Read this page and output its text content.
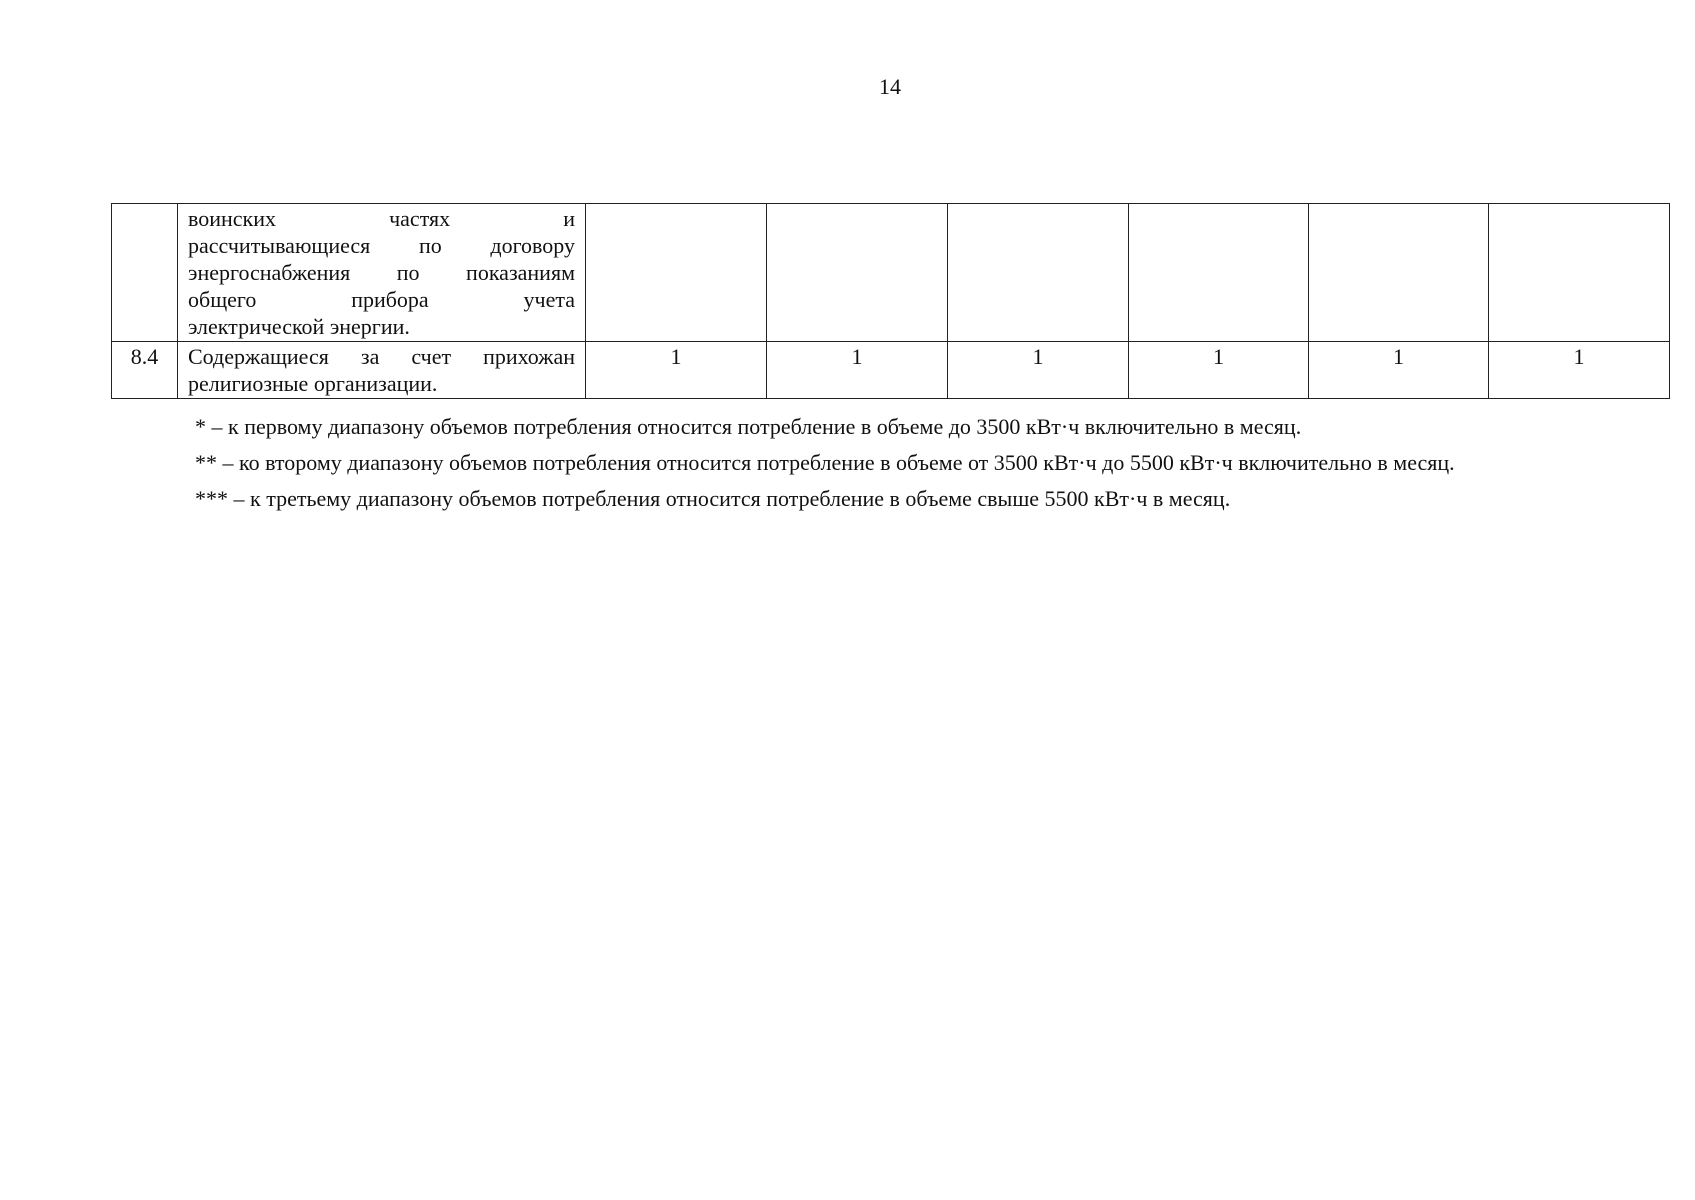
14

	воинских частях и
рассчитывающиеся по договору
энергоснабжения по показаниям
общего прибора учета
электрической энергии.						

8.4	Содержащиеся за счет прихожан
религиозные организации.	1	1	1	1	1	1
* – к первому диапазону объемов потребления относится потребление в объеме до 3500 кВт·ч включительно в месяц.
** – ко второму диапазону объемов потребления относится потребление в объеме от 3500 кВт·ч до 5500 кВт·ч включительно в месяц.
*** – к третьему диапазону объемов потребления относится потребление в объеме свыше 5500 кВт·ч в месяц.
